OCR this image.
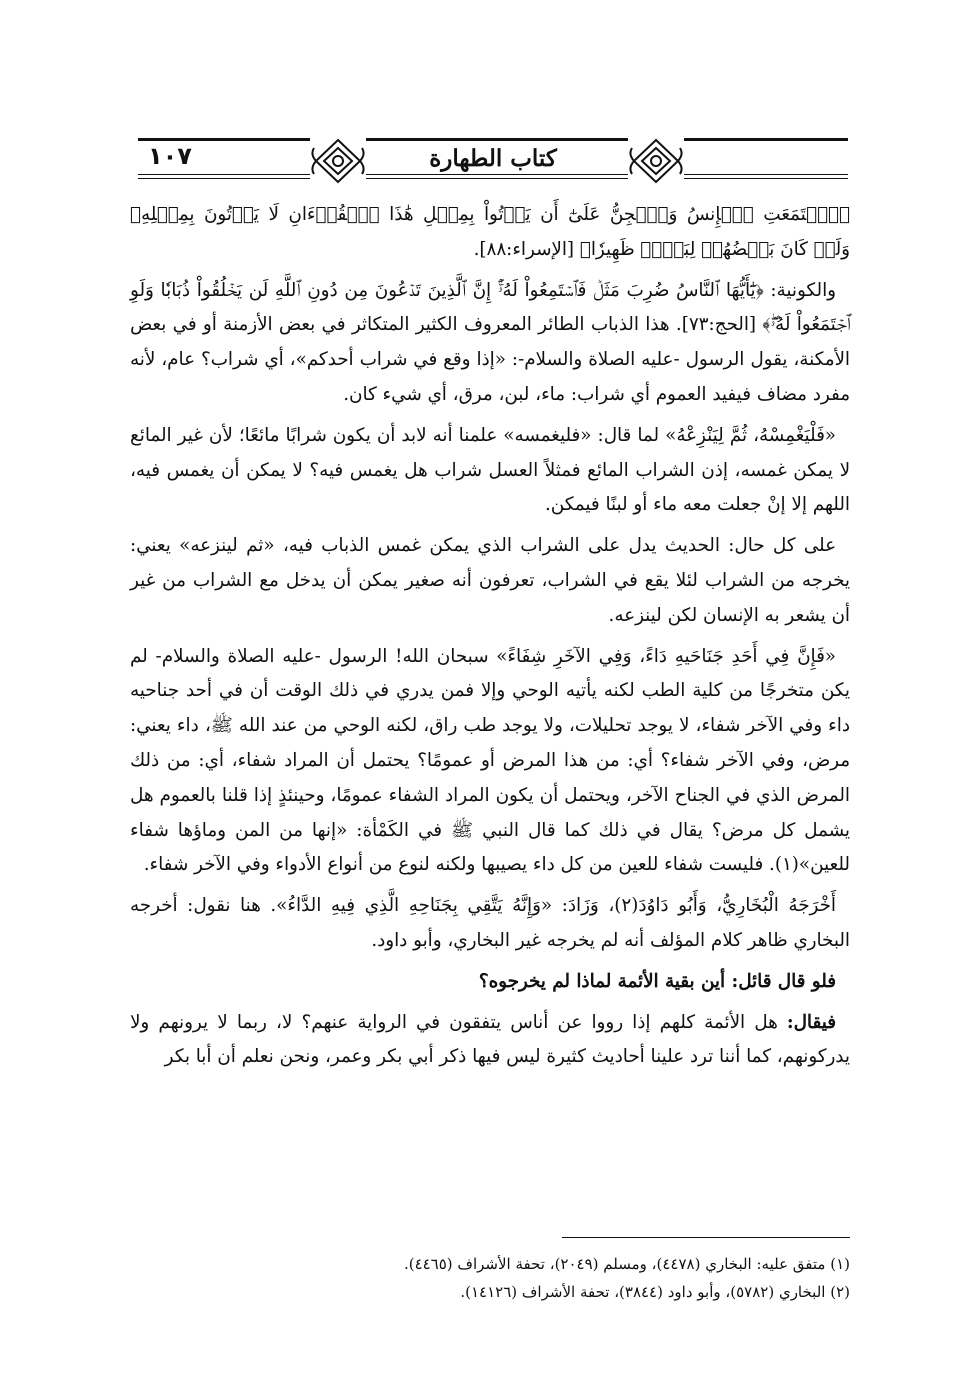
١٠٧	كتاب الطهارة

﴿ٱجۡتَمَعَتِ ٱلۡإِنسُ وَٱلۡجِنُّ عَلَىٰٓ أَن يَأۡتُواْ بِمِثۡلِ هَٰذَا ٱلۡقُرۡءَانِ لَا يَأۡتُونَ بِمِثۡلِهِۦ وَلَوۡ كَانَ بَعۡضُهُمۡ لِبَعۡضٖ ظَهِيرٗا﴾ [الإسراء:٨٨].

والكونية: ﴿يَٰٓأَيُّهَا ٱلنَّاسُ ضُرِبَ مَثَلٞ فَٱسۡتَمِعُواْ لَهُۥٓۚ إِنَّ ٱلَّذِينَ تَدۡعُونَ مِن دُونِ ٱللَّهِ لَن يَخۡلُقُواْ ذُبَابٗا وَلَوِ ٱجۡتَمَعُواْ لَهُۥۖ﴾ [الحج:٧٣]. هذا الذباب الطائر المعروف الكثير المتكاثر في بعض الأزمنة أو في بعض الأمكنة، يقول الرسول -عليه الصلاة والسلام-: «إذا وقع في شراب أحدكم»، أي شراب؟ عام، لأنه مفرد مضاف فيفيد العموم أي شراب: ماء، لبن، مرق، أي شيء كان.

«فَلْيَغْمِسْهُ، ثُمَّ لِيَنْزِعْهُ» لما قال: «فليغمسه» علمنا أنه لابد أن يكون شرابًا مائعًا؛ لأن غير المائع لا يمكن غمسه، إذن الشراب المائع فمثلاً العسل شراب هل يغمس فيه؟ لا يمكن أن يغمس فيه، اللهم إلا إنْ جعلت معه ماء أو لبنًا فيمكن.

على كل حال: الحديث يدل على الشراب الذي يمكن غمس الذباب فيه، «ثم لينزعه» يعني: يخرجه من الشراب لئلا يقع في الشراب، تعرفون أنه صغير يمكن أن يدخل مع الشراب من غير أن يشعر به الإنسان لكن لينزعه.

«فَإِنَّ فِي أَحَدِ جَنَاحَيهِ دَاءً، وَفِي الآخَرِ شِفَاءً» سبحان الله! الرسول -عليه الصلاة والسلام- لم يكن متخرجًا من كلية الطب لكنه يأتيه الوحي وإلا فمن يدري في ذلك الوقت أن في أحد جناحيه داء وفي الآخر شفاء، لا يوجد تحليلات، ولا يوجد طب راق، لكنه الوحي من عند الله ﷺ، داء يعني: مرض، وفي الآخر شفاء؟ أي: من هذا المرض أو عمومًا؟ يحتمل أن المراد شفاء، أي: من ذلك المرض الذي في الجناح الآخر، ويحتمل أن يكون المراد الشفاء عمومًا، وحينئذٍ إذا قلنا بالعموم هل يشمل كل مرض؟ يقال في ذلك كما قال النبي ﷺ في الكَمْأة: «إنها من المن وماؤها شفاء للعين»(١). فليست شفاء للعين من كل داء يصيبها ولكنه لنوع من أنواع الأدواء وفي الآخر شفاء.

أَخْرَجَهُ الْبُخَارِيُّ، وَأَبُو دَاوُدَ(٢)، وَزَادَ: «وَإِنَّهُ يَتَّقِي بِجَنَاحِهِ الَّذِي فِيهِ الدَّاءُ». هنا نقول: أخرجه البخاري ظاهر كلام المؤلف أنه لم يخرجه غير البخاري، وأبو داود.

فلو قال قائل: أين بقية الأئمة لماذا لم يخرجوه؟

فيقال: هل الأئمة كلهم إذا رووا عن أناس يتفقون في الرواية عنهم؟ لا، ربما لا يرونهم ولا يدركونهم، كما أننا ترد علينا أحاديث كثيرة ليس فيها ذكر أبي بكر وعمر، ونحن نعلم أن أبا بكر

(١) متفق عليه: البخاري (٤٤٧٨)، ومسلم (٢٠٤٩)، تحفة الأشراف (٤٤٦٥).

(٢) البخاري (٥٧٨٢)، وأبو داود (٣٨٤٤)، تحفة الأشراف (١٤١٢٦).
